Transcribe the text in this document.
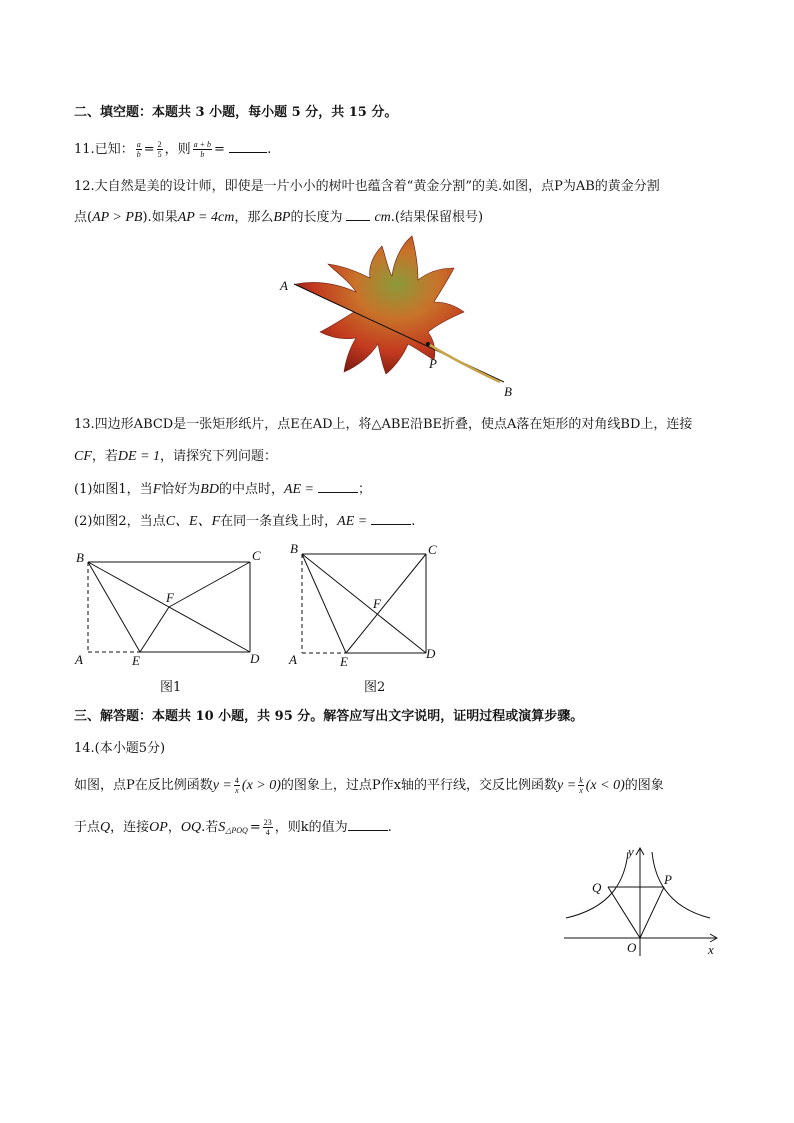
二、填空题：本题共 3 小题，每小题 5 分，共 15 分。
11.已知： $\frac{a}{b} = \frac{2}{5}$ ，则 $\frac{a + b}{b}$ =	.
12.大自然是美的设计师，即使是一片小小的树叶也蕴含着“黄金分割”的美.如图，点P为AB的黄金分割
点(AP > PB).如果AP = 4cm，那么BP的长度为 cm.(结果保留根号)
A
P
B
13.四边形ABCD是一张矩形纸片，点E在AD上，将△ABE沿BE折叠，使点A落在矩形的对角线BD上，连接
CF，若DE = 1，请探究下列问题：
(1)如图1，当F恰好为BD的中点时，AE =	；
(2)如图2，当点C、E、F在同一条直线上时，AE =	.
B	C
F
A	E	D
图1
B	C
F
A	E
D
图2
三、解答题：本题共 10 小题，共 95 分。解答应写出文字说明，证明过程或演算步骤。
14.(本小题5分)
如图，点P在反比例函数$y = \frac{4}{x} (x > 0)$的图象上，过点P作x轴的平行线，交反比例函数$y = \frac{k}{x} (x < 0)$的图象
于点Q，连接OP，OQ.若$S_{\triangle POQ} = \frac{23}{4}$ ，则k的值为	.
y
x
O
P
Q
